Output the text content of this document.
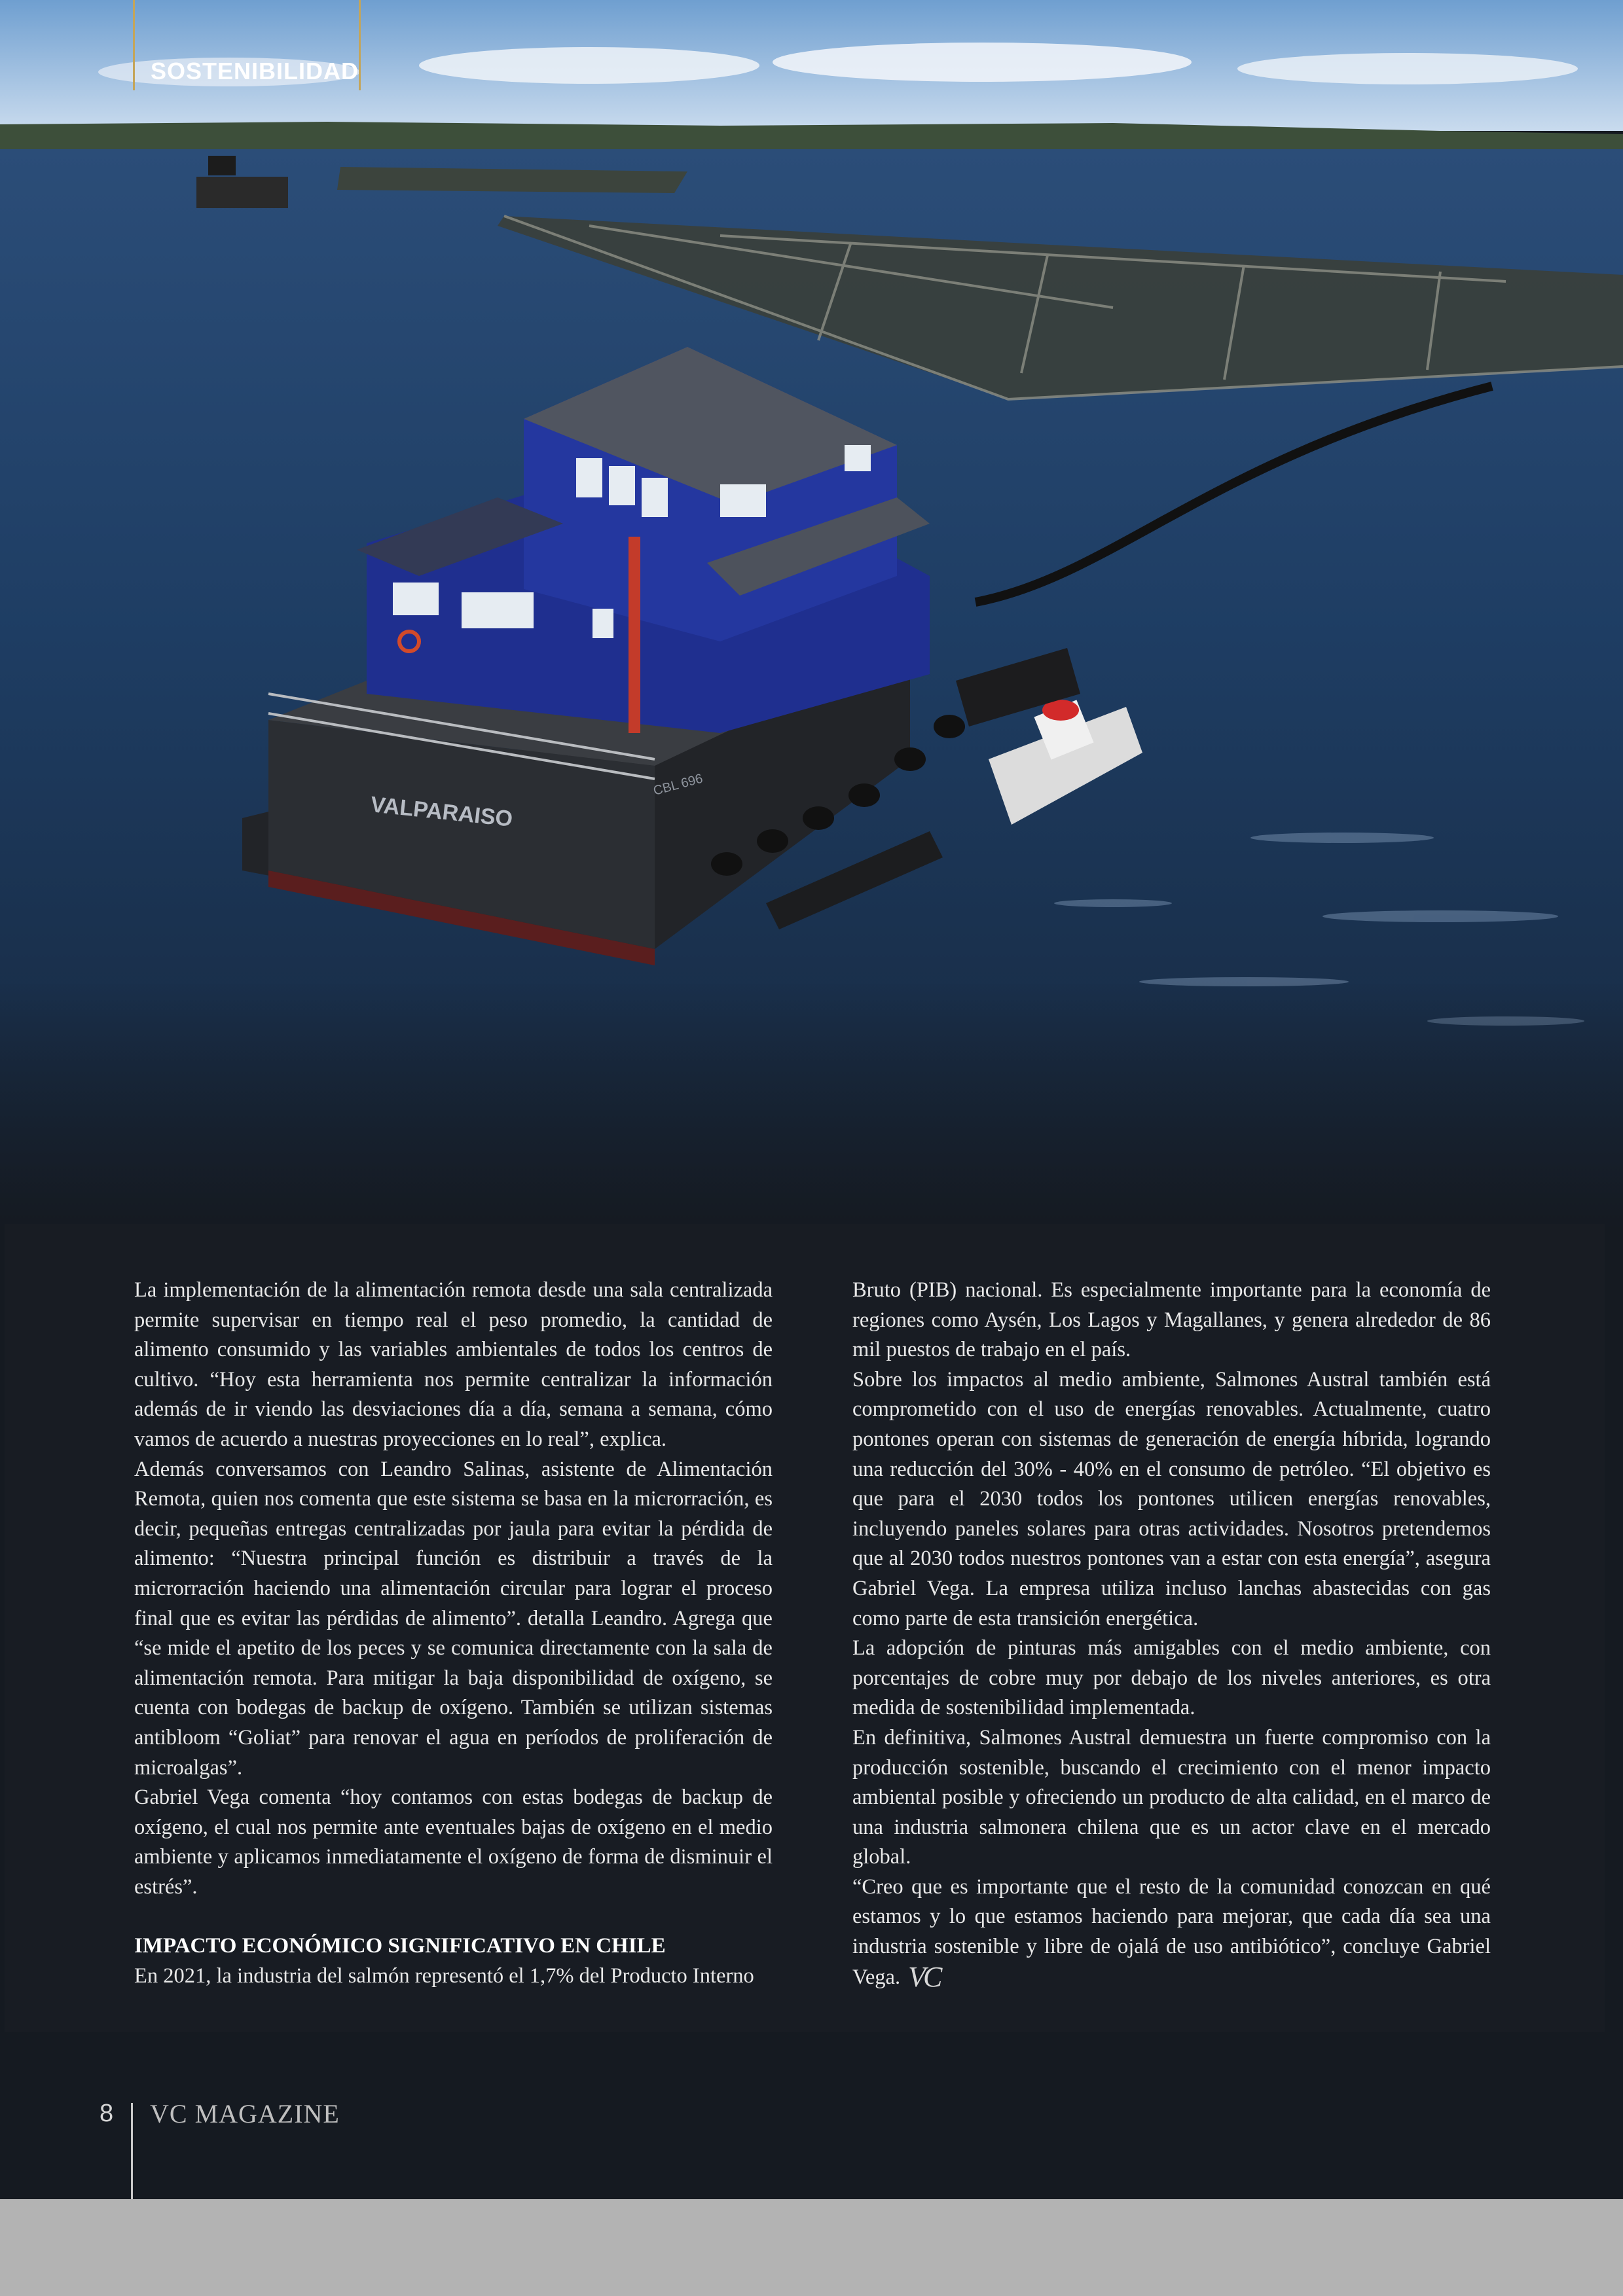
VALPARAISO
CBL 696
SOSTENIBILIDAD

La implementación de la alimentación remota desde una sala centralizada permite supervisar en tiempo real el peso promedio, la cantidad de alimento consumido y las variables ambientales de todos los centros de cultivo. “Hoy esta herramienta nos permite centralizar la información además de ir viendo las desviaciones día a día, semana a semana, cómo vamos de acuerdo a nuestras proyecciones en lo real”, explica.

Además conversamos con Leandro Salinas, asistente de Alimentación Remota, quien nos comenta que este sistema se basa en la microrración, es decir, pequeñas entregas centralizadas por jaula para evitar la pérdida de alimento: “Nuestra principal función es distribuir a través de la microrración haciendo una alimentación circular para lograr el proceso final que es evitar las pérdidas de alimento”. detalla Leandro. Agrega que “se mide el apetito de los peces y se comunica directamente con la sala de alimentación remota. Para mitigar la baja disponibilidad de oxígeno, se cuenta con bodegas de backup de oxígeno. También se utilizan sistemas antibloom “Goliat” para renovar el agua en períodos de proliferación de microalgas”.

Gabriel Vega comenta “hoy contamos con estas bodegas de backup de oxígeno, el cual nos permite ante eventuales bajas de oxígeno en el medio ambiente y aplicamos inmediatamente el oxígeno de forma de disminuir el estrés”.

IMPACTO ECONÓMICO SIGNIFICATIVO EN CHILE

En 2021, la industria del salmón representó el 1,7% del Producto Interno

Bruto (PIB) nacional. Es especialmente importante para la economía de regiones como Aysén, Los Lagos y Magallanes, y genera alrededor de 86 mil puestos de trabajo en el país.

Sobre los impactos al medio ambiente, Salmones Austral también está comprometido con el uso de energías renovables. Actualmente, cuatro pontones operan con sistemas de generación de energía híbrida, logrando una reducción del 30% - 40% en el consumo de petróleo. “El objetivo es que para el 2030 todos los pontones utilicen energías renovables, incluyendo paneles solares para otras actividades. Nosotros pretendemos que al 2030 todos nuestros pontones van a estar con esta energía”, asegura Gabriel Vega. La empresa utiliza incluso lanchas abastecidas con gas como parte de esta transición energética.

La adopción de pinturas más amigables con el medio ambiente, con porcentajes de cobre muy por debajo de los niveles anteriores, es otra medida de sostenibilidad implementada.

En definitiva, Salmones Austral demuestra un fuerte compromiso con la producción sostenible, buscando el crecimiento con el menor impacto ambiental posible y ofreciendo un producto de alta calidad, en el marco de una industria salmonera chilena que es un actor clave en el mercado global.

“Creo que es importante que el resto de la comunidad conozcan en qué estamos y lo que estamos haciendo para mejorar, que cada día sea una industria sostenible y libre de ojalá de uso antibiótico”, concluye Gabriel Vega. VC

8 VC MAGAZINE
